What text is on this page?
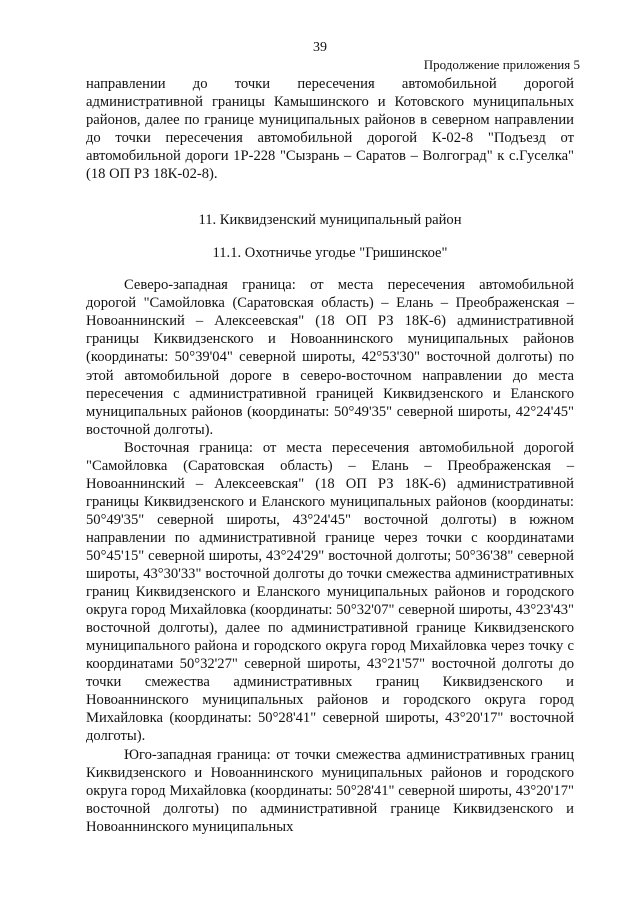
39
Продолжение приложения 5

направлении до точки пересечения автомобильной дорогой административной границы Камышинского и Котовского муниципальных районов, далее по границе муниципальных районов в северном направлении до точки пересечения автомобильной дорогой К-02-8 "Подъезд от автомобильной дороги 1Р-228 "Сызрань – Саратов – Волгоград" к с.Гуселка" (18 ОП РЗ 18К-02-8).

11. Киквидзенский муниципальный район
11.1. Охотничье угодье "Гришинское"

Северо-западная граница: от места пересечения автомобильной дорогой "Самойловка (Саратовская область) – Елань – Преображенская – Новоаннинский – Алексеевская" (18 ОП РЗ 18К-6) административной границы Киквидзенского и Новоаннинского муниципальных районов (координаты: 50°39'04" северной широты, 42°53'30" восточной долготы) по этой автомобильной дороге в северо-восточном направлении до места пересечения с административной границей Киквидзенского и Еланского муниципальных районов (координаты: 50°49'35" северной широты, 42°24'45" восточной долготы).

Восточная граница: от места пересечения автомобильной дорогой "Самойловка (Саратовская область) – Елань – Преображенская – Новоаннинский – Алексеевская" (18 ОП РЗ 18К-6) административной границы Киквидзенского и Еланского муниципальных районов (координаты: 50°49'35" северной широты, 43°24'45" восточной долготы) в южном направлении по административной границе через точки с координатами 50°45'15" северной широты, 43°24'29" восточной долготы; 50°36'38" северной широты, 43°30'33" восточной долготы до точки смежества административных границ Киквидзенского и Еланского муниципальных районов и городского округа город Михайловка (координаты: 50°32'07" северной широты, 43°23'43" восточной долготы), далее по административной границе Киквидзенского муниципального района и городского округа город Михайловка через точку с координатами 50°32'27" северной широты, 43°21'57" восточной долготы до точки смежества административных границ Киквидзенского и Новоаннинского муниципальных районов и городского округа город Михайловка (координаты: 50°28'41" северной широты, 43°20'17" восточной долготы).

Юго-западная граница: от точки смежества административных границ Киквидзенского и Новоаннинского муниципальных районов и городского округа город Михайловка (координаты: 50°28'41" северной широты, 43°20'17" восточной долготы) по административной границе Киквидзенского и Новоаннинского муниципальных
